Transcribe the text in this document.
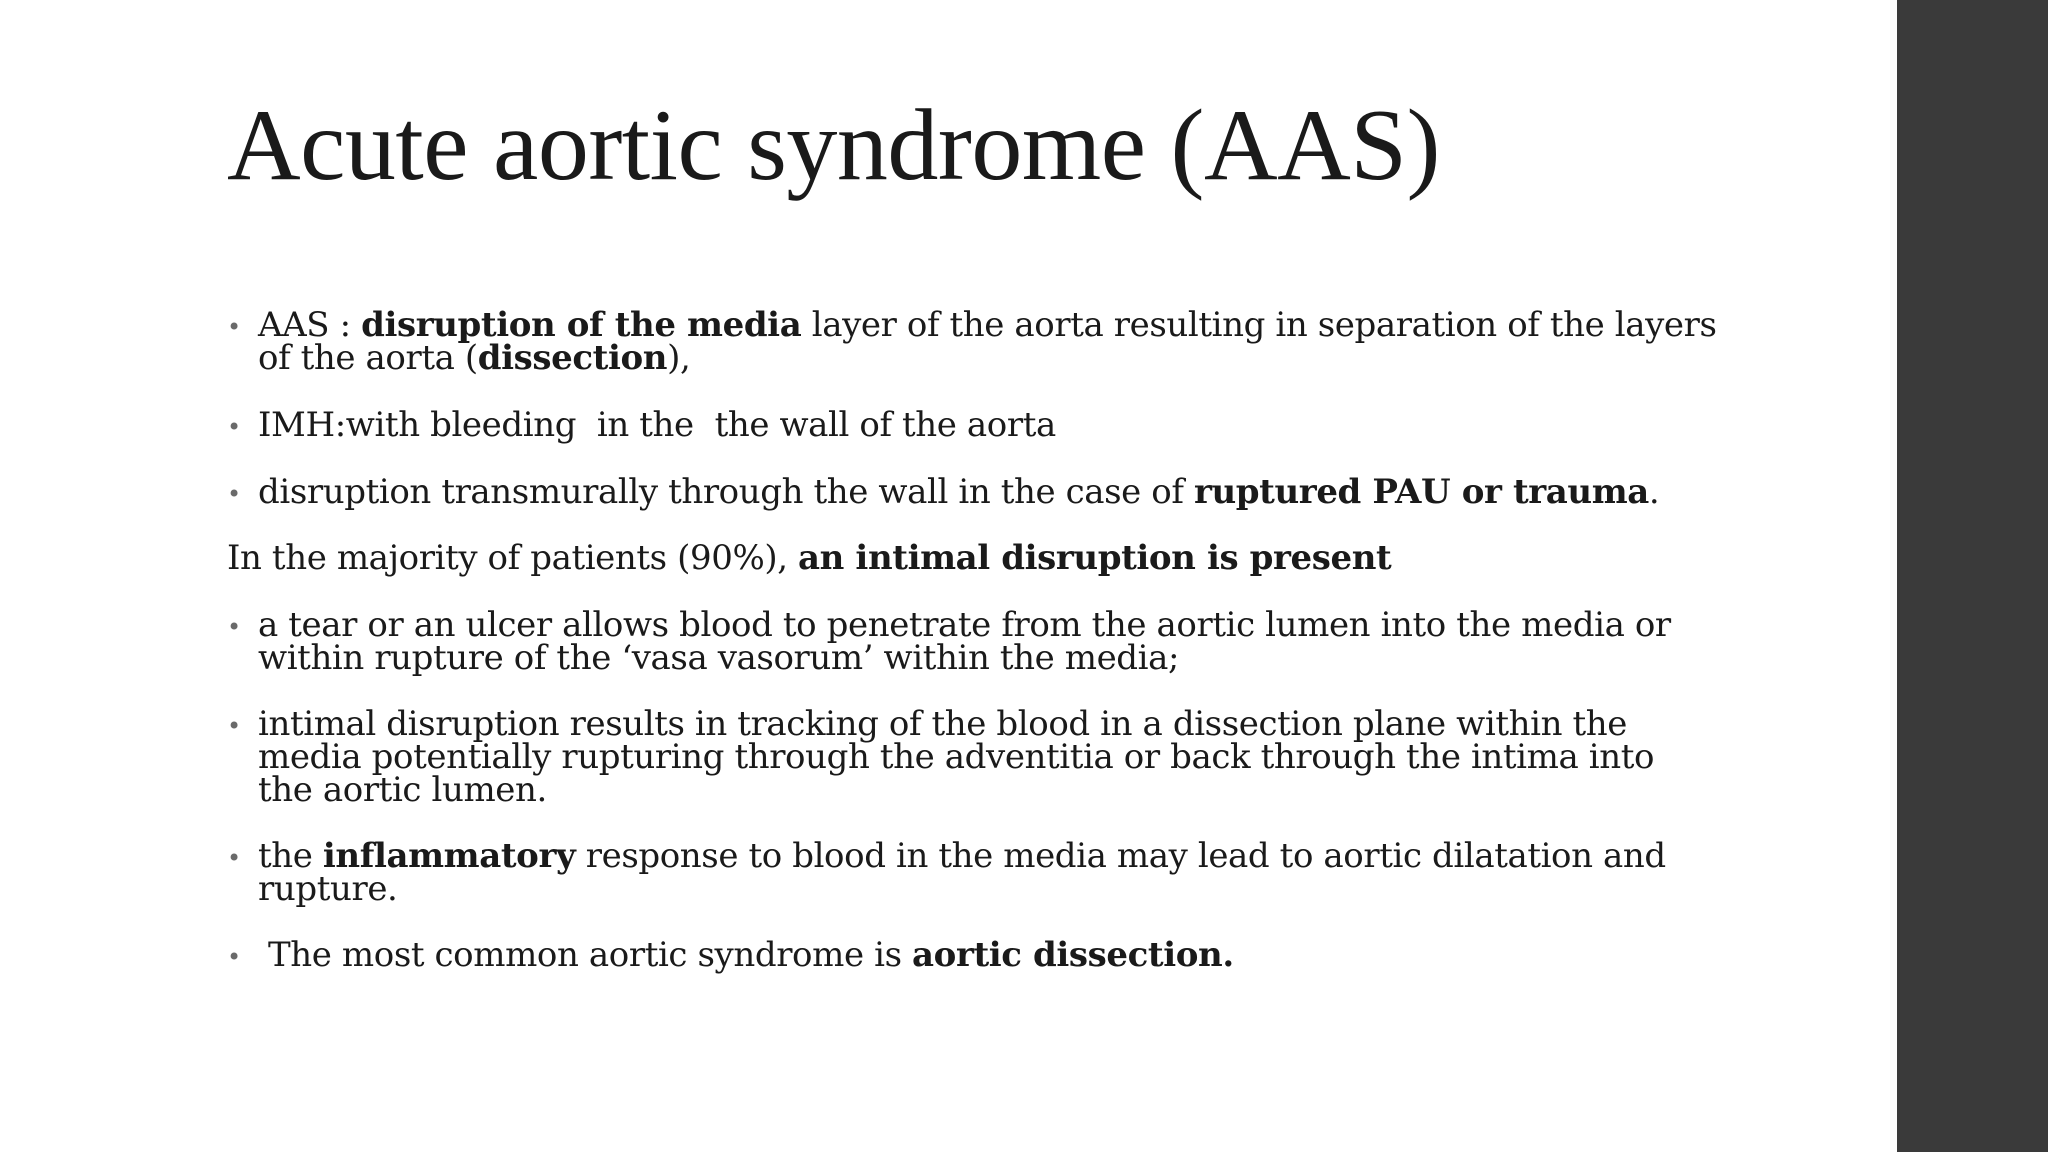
Acute aortic syndrome (AAS)
• AAS : disruption of the media layer of the aorta resulting in separation of the layers of the aorta (dissection),
• IMH:with bleeding  in the  the wall of the aorta
• disruption transmurally through the wall in the case of ruptured PAU or trauma.
In the majority of patients (90%), an intimal disruption is present
• a tear or an ulcer allows blood to penetrate from the aortic lumen into the media or within rupture of the ‘vasa vasorum’ within the media;
• intimal disruption results in tracking of the blood in a dissection plane within the media potentially rupturing through the adventitia or back through the intima into the aortic lumen.
• the inflammatory response to blood in the media may lead to aortic dilatation and rupture.
• The most common aortic syndrome is aortic dissection.
